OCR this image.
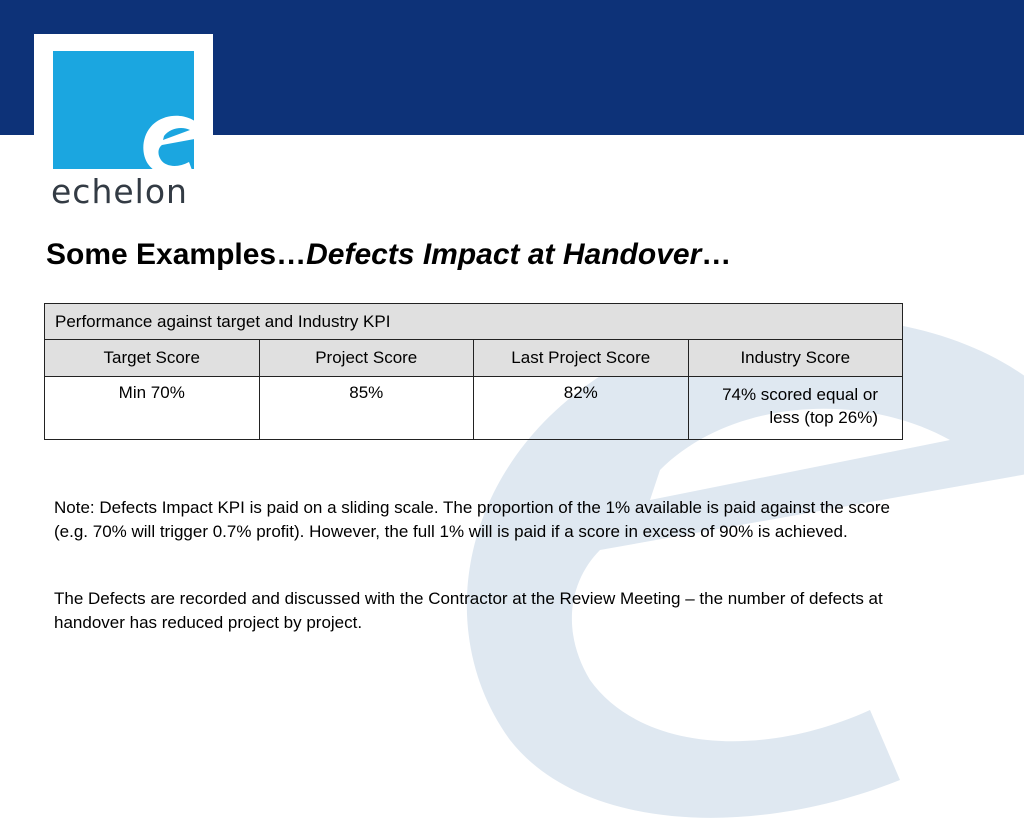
echelon
Some Examples…Defects Impact at Handover…
Performance against target and Industry KPI			
Target Score	Project Score	Last Project Score	Industry Score
Min 70%	85%	82%	74% scored equal or
less (top 26%)

Note: Defects Impact KPI is paid on a sliding scale. The proportion of the 1% available is paid against the score (e.g. 70% will trigger 0.7% profit). However, the full 1% will is paid if a score in excess of 90% is achieved.

The Defects are recorded and discussed with the Contractor at the Review Meeting – the number of defects at handover has reduced project by project.
